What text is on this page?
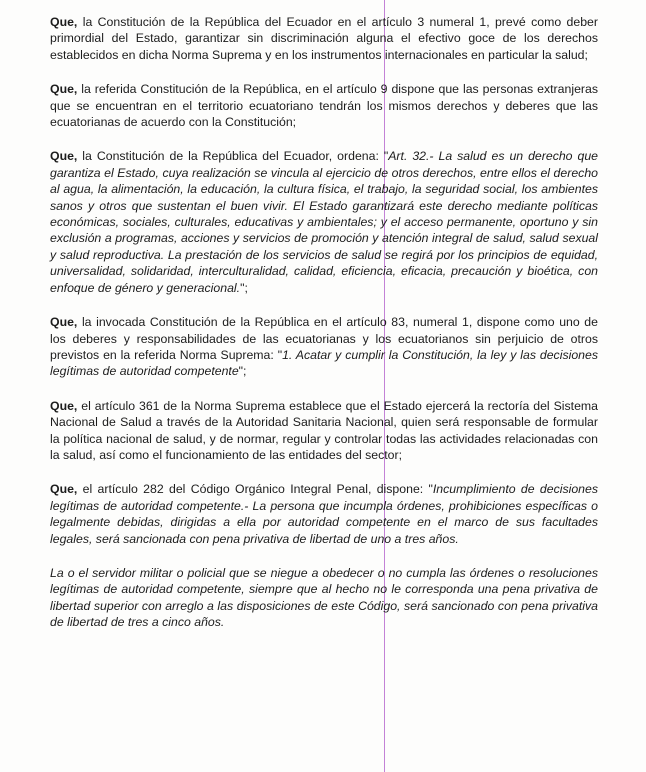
Que, la Constitución de la República del Ecuador en el artículo 3 numeral 1, prevé como deber primordial del Estado, garantizar sin discriminación alguna el efectivo goce de los derechos establecidos en dicha Norma Suprema y en los instrumentos internacionales en particular la salud;

Que, la referida Constitución de la República, en el artículo 9 dispone que las personas extranjeras que se encuentran en el territorio ecuatoriano tendrán los mismos derechos y deberes que las ecuatorianas de acuerdo con la Constitución;

Que, la Constitución de la República del Ecuador, ordena: "Art. 32.- La salud es un derecho que garantiza el Estado, cuya realización se vincula al ejercicio de otros derechos, entre ellos el derecho al agua, la alimentación, la educación, la cultura física, el trabajo, la seguridad social, los ambientes sanos y otros que sustentan el buen vivir. El Estado garantizará este derecho mediante políticas económicas, sociales, culturales, educativas y ambientales; y el acceso permanente, oportuno y sin exclusión a programas, acciones y servicios de promoción y atención integral de salud, salud sexual y salud reproductiva. La prestación de los servicios de salud se regirá por los principios de equidad, universalidad, solidaridad, interculturalidad, calidad, eficiencia, eficacia, precaución y bioética, con enfoque de género y generacional.";

Que, la invocada Constitución de la República en el artículo 83, numeral 1, dispone como uno de los deberes y responsabilidades de las ecuatorianas y los ecuatorianos sin perjuicio de otros previstos en la referida Norma Suprema: "1. Acatar y cumplir la Constitución, la ley y las decisiones legítimas de autoridad competente";

Que, el artículo 361 de la Norma Suprema establece que el Estado ejercerá la rectoría del Sistema Nacional de Salud a través de la Autoridad Sanitaria Nacional, quien será responsable de formular la política nacional de salud, y de normar, regular y controlar todas las actividades relacionadas con la salud, así como el funcionamiento de las entidades del sector;

Que, el artículo 282 del Código Orgánico Integral Penal, dispone: "Incumplimiento de decisiones legítimas de autoridad competente.- La persona que incumpla órdenes, prohibiciones específicas o legalmente debidas, dirigidas a ella por autoridad competente en el marco de sus facultades legales, será sancionada con pena privativa de libertad de uno a tres años.

La o el servidor militar o policial que se niegue a obedecer o no cumpla las órdenes o resoluciones legítimas de autoridad competente, siempre que al hecho no le corresponda una pena privativa de libertad superior con arreglo a las disposiciones de este Código, será sancionado con pena privativa de libertad de tres a cinco años.
